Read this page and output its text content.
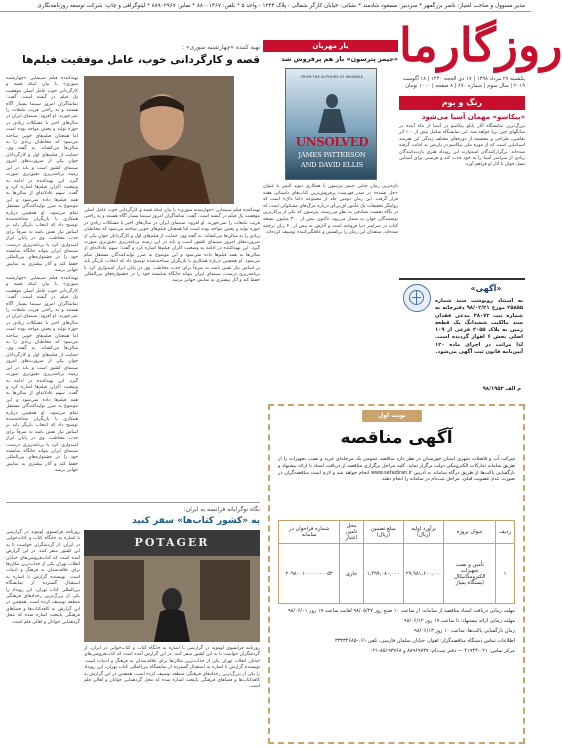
مدیر مسوول و صاحب امتیاز: ناصر بزرگمهر * سردبیر: مسعود شادمند * نشانی: خیابان کارگر شمالی - پلاک ۱۲۴۴ - واحد ۵ * تلفن: ۸۸۰۰۱۴۶۷ * نمابر: ۸۸۹۰۲۹۶۷ * لیتوگرافی و چاپ: شرکت توسعه روزنامه‌نگاری
روزگارما
یکشنبه ۲۷ مرداد ۱۳۹۸ | ۱۷ ذی الحجه ۱۴۴۰ | ۱۸ آگوست ۲۰۱۹ | سال سوم | شماره ۶۷۰ | ۸ صفحه | ۱۰۰۰ تومان
رنگ و بوم
«پیکاسو» مهمان آسیا می‌شود
بزرگ‌ترین نمایشگاه آثار پابلو پیکاسو در آسیا از ماه آینده در شانگهای چین برپا خواهد شد. این نمایشگاه شامل بیش از ۱۰۰ اثر نقاشی، طراحی و مجسمه از دوره‌های مختلف زندگی این هنرمند اسپانیایی است که از موزه ملی پیکاسو در پاریس به امانت گرفته شده‌اند. برگزارکنندگان امیدوارند این رویداد هنری بازدیدکنندگان زیادی از سراسر آسیا را به خود جذب کند و فرصتی برای آشنایی نسل جوان با آثار او فراهم آورد.
«آگهی»
به استناد رونوشت سند شماره ۲۵۸۵۵ مورخ ۹۸/۰۲/۲۱ دفترخانه به شماره ثبت ۳۸۰۷۲ مدعی فقدان سند مالکیت ششدانگ یک قطعه زمین به پلاک ۲۰۵۵ فرعی از ۱۰۹ اصلی بخش ۶ اهواز گردیده است. لذا مراتب در اجرای ماده ۱۲۰ آیین‌نامه قانون ثبت آگهی می‌شود.
م الف ۹۸/۱۹۵۳
یار مهربان
«جیمز پترسون» باز هم پرفروش شد
FROM THE AUTHORS OF INVISIBLE
UNSOLVED
JAMES PATTERSON
AND DAVID ELLIS
تازه‌ترین رمان جنایی جیمز پترسون با همکاری دیوید الیس با عنوان «حل نشده» در صدر فهرست پرفروش‌ترین کتاب‌های داستانی هفته قرار گرفت. این رمان دومین جلد از مجموعه «اما داک» است که روایتگر تحقیقات یک مأمور اف‌بی‌آی درباره مرگ‌های مشکوکی است که در نگاه نخست تصادفی به نظر می‌رسند. پترسون که یکی از پرکارترین نویسندگان جهان به شمار می‌رود، تاکنون بیش از ۳۰۰ میلیون نسخه کتاب در سراسر دنیا فروخته است و آثارش به بیش از ۴۰ زبان ترجمه شده‌اند. منتقدان این رمان را پرکشش و غافلگیرکننده توصیف کرده‌اند.
تهیه کننده «چهارشنبه سوری» :
قصه و کارگردانی خوب، عامل موفقیت فیلم‌ها
تهیه‌کننده فیلم سینمایی «چهارشنبه سوری» با بیان اینکه قصه و کارگردانی خوب عامل اصلی موفقیت یک فیلم در گیشه است، گفت: تماشاگران امروز سینما بسیار آگاه هستند و به راحتی فریب تبلیغات را نمی‌خورند. او افزود: سینمای ایران در سال‌های اخیر با مشکلات زیادی در حوزه تولید و پخش مواجه بوده است اما همچنان فیلم‌های خوبی ساخته می‌شود که مخاطبان زیادی را به سالن‌ها می‌کشاند. به گفته وی، حمایت از فیلم‌های اول و کارگردانان جوان یکی از ضرورت‌های امروز سینمای کشور است و باید در این زمینه برنامه‌ریزی دقیق‌تری صورت گیرد. این تهیه‌کننده در ادامه به وضعیت اکران فیلم‌ها اشاره کرد و گفت: سهم عادلانه‌ای از سالن‌ها به همه فیلم‌ها داده نمی‌شود و این موضوع به ضرر تولیدکنندگان مستقل تمام می‌شود. او همچنین درباره همکاری با بازیگران شناخته‌شده توضیح داد که انتخاب بازیگر باید بر اساس نیاز نقش باشد نه صرفاً برای جذب مخاطب. وی در پایان ابراز امیدواری کرد با برنامه‌ریزی درست، سینمای ایران بتواند جایگاه شایسته خود را در جشنواره‌های بین‌المللی حفظ کند و آثار بیشتری به نمایش جهانی برسد.
تهیه‌کننده فیلم سینمایی «چهارشنبه سوری» با بیان اینکه قصه و کارگردانی خوب عامل اصلی موفقیت یک فیلم در گیشه است، گفت: تماشاگران امروز سینما بسیار آگاه هستند و به راحتی فریب تبلیغات را نمی‌خورند. او افزود: سینمای ایران در سال‌های اخیر با مشکلات زیادی در حوزه تولید و پخش مواجه بوده است اما همچنان فیلم‌های خوبی ساخته می‌شود که مخاطبان زیادی را به سالن‌ها می‌کشاند. به گفته وی، حمایت از فیلم‌های اول و کارگردانان جوان یکی از ضرورت‌های امروز سینمای کشور است و باید در این زمینه برنامه‌ریزی دقیق‌تری صورت گیرد. این تهیه‌کننده در ادامه به وضعیت اکران فیلم‌ها اشاره کرد و گفت: سهم عادلانه‌ای از سالن‌ها به همه فیلم‌ها داده نمی‌شود و این موضوع به ضرر تولیدکنندگان مستقل تمام می‌شود. او همچنین درباره همکاری با بازیگران شناخته‌شده توضیح داد که انتخاب بازیگر باید بر اساس نیاز نقش باشد نه صرفاً برای جذب مخاطب. وی در پایان ابراز امیدواری کرد با برنامه‌ریزی درست، سینمای ایران بتواند جایگاه شایسته خود را در جشنواره‌های بین‌المللی حفظ کند و آثار بیشتری به نمایش جهانی برسد.
تهیه‌کننده فیلم سینمایی «چهارشنبه سوری» با بیان اینکه قصه و کارگردانی خوب عامل اصلی موفقیت یک فیلم در گیشه است، گفت: تماشاگران امروز سینما بسیار آگاه هستند و به راحتی فریب تبلیغات را نمی‌خورند. او افزود: سینمای ایران در سال‌های اخیر با مشکلات زیادی در حوزه تولید و پخش مواجه بوده است اما همچنان فیلم‌های خوبی ساخته می‌شود که مخاطبان زیادی را به سالن‌ها می‌کشاند. به گفته وی، حمایت از فیلم‌های اول و کارگردانان جوان یکی از ضرورت‌های امروز سینمای کشور است و باید در این زمینه برنامه‌ریزی دقیق‌تری صورت گیرد. این تهیه‌کننده در ادامه به وضعیت اکران فیلم‌ها اشاره کرد و گفت: سهم عادلانه‌ای از سالن‌ها به همه فیلم‌ها داده نمی‌شود و این موضوع به ضرر تولیدکنندگان مستقل تمام می‌شود. او همچنین درباره همکاری با بازیگران شناخته‌شده توضیح داد که انتخاب بازیگر باید بر اساس نیاز نقش باشد نه صرفاً برای جذب مخاطب. وی در پایان ابراز امیدواری کرد با برنامه‌ریزی درست، سینمای ایران بتواند جایگاه شایسته خود را در جشنواره‌های بین‌المللی حفظ کند و آثار بیشتری به نمایش جهانی برسد.
نگاه نوگرایانه فرانسه به ایران:
به «کشور کتاب‌ها» سفر کنید
POTAGER
روزنامه فرانسوی لوموند در گزارشی با اشاره به جایگاه کتاب و کتاب‌خوانی در ایران، از گردشگران خواست تا به این کشور سفر کنند. در این گزارش آمده است که کتاب‌فروشی‌های خیابان انقلاب تهران یکی از جذاب‌ترین مکان‌ها برای علاقه‌مندان به فرهنگ و ادبیات است. نویسنده گزارش با اشاره به استقبال گسترده از نمایشگاه بین‌المللی کتاب تهران، این رویداد را یکی از بزرگ‌ترین رخدادهای فرهنگی منطقه توصیف کرده است. همچنین در این گزارش به کافه‌کتاب‌ها و فضاهای فرهنگی پایتخت اشاره شده که محل گردهمایی جوانان و اهالی قلم است.
روزنامه فرانسوی لوموند در گزارشی با اشاره به جایگاه کتاب و کتاب‌خوانی در ایران، از گردشگران خواست تا به این کشور سفر کنند. در این گزارش آمده است که کتاب‌فروشی‌های خیابان انقلاب تهران یکی از جذاب‌ترین مکان‌ها برای علاقه‌مندان به فرهنگ و ادبیات است. نویسنده گزارش با اشاره به استقبال گسترده از نمایشگاه بین‌المللی کتاب تهران، این رویداد را یکی از بزرگ‌ترین رخدادهای فرهنگی منطقه توصیف کرده است. همچنین در این گزارش به کافه‌کتاب‌ها و فضاهای فرهنگی پایتخت اشاره شده که محل گردهمایی جوانان و اهالی قلم است.
نوبت اول
آگهی مناقصه
شرکت آب و فاضلاب شهری استان خوزستان در نظر دارد مناقصه عمومی یک مرحله‌ای خرید و نصب تجهیزات را از طریق سامانه تدارکات الکترونیکی دولت برگزار نماید. کلیه مراحل برگزاری مناقصه از دریافت اسناد تا ارائه پیشنهاد و بازگشایی پاکت‌ها از طریق درگاه سامانه به آدرس www.setadiran.ir انجام خواهد شد و لازم است مناقصه‌گران در صورت عدم عضویت قبلی، مراحل ثبت‌نام در سامانه را انجام دهند.
ردیف	عنوان پروژه	برآورد اولیه (ریال)	مبلغ تضمین (ریال)	محل تامین اعتبار	شماره فراخوان در سامانه
۱	تأمین و نصب تجهیزات الکترومکانیکال ایستگاه پمپاژ	۲۹,۹۸۱,۶۰۰,۰۰۰	۱,۴۹۹,۰۸۰,۰۰۰	جاری	۲۰۹۸۰۰۱۰۰۰۰۰۰۰۰۵۴
مهلت زمانی دریافت اسناد مناقصه از سامانه: از ساعت ۱۰ صبح روز ۹۸/۰۵/۲۷ لغایت ساعت ۱۹ روز ۹۸/۰۶/۰۱
مهلت زمانی ارائه پیشنهاد: تا ساعت ۱۹ روز ۹۸/۰۶/۱۲
زمان بازگشایی پاکت‌ها: ساعت ۱۰ روز ۹۸/۰۶/۱۳
اطلاعات تماس دستگاه مناقصه‌گزار: اهواز، خیابان سلمان فارسی، تلفن ۰۶۱-۳۳۳۳۴۶۸۵
مرکز تماس: ۰۲۱-۴۱۹۳۴ — دفتر ثبت‌نام: ۸۸۹۶۹۷۳۷ و ۸۵۱۹۳۷۶۸-۰۲۱
